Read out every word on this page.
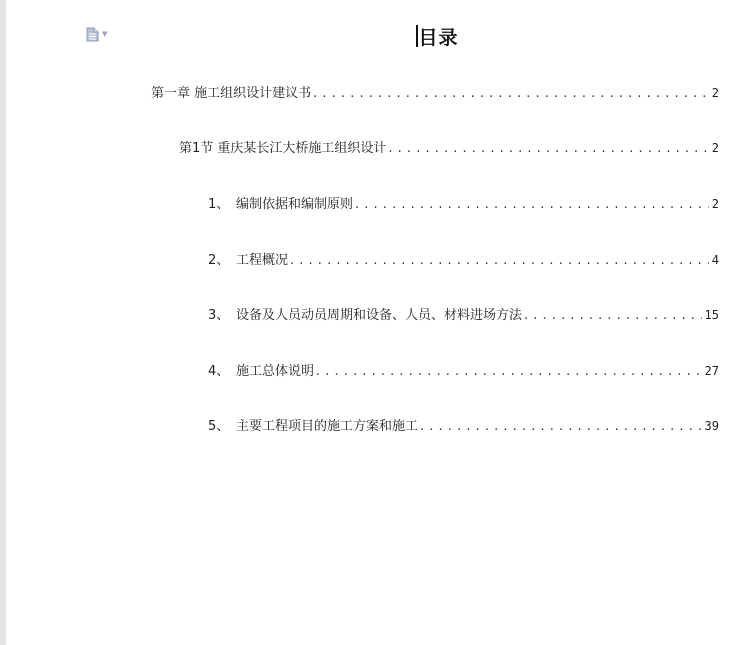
▼	目录
第一章 施工组织设计建议书 . . .	2
第1节 重庆某长江大桥施工组织设计 . . .	2
1、 编制依据和编制原则 . . .	2
2、 工程概况 . . .	4
3、 设备及人员动员周期和设备、人员、材料进场方法 . . .	15
4、 施工总体说明 . . .	27
5、 主要工程项目的施工方案和施工 . . .	39
